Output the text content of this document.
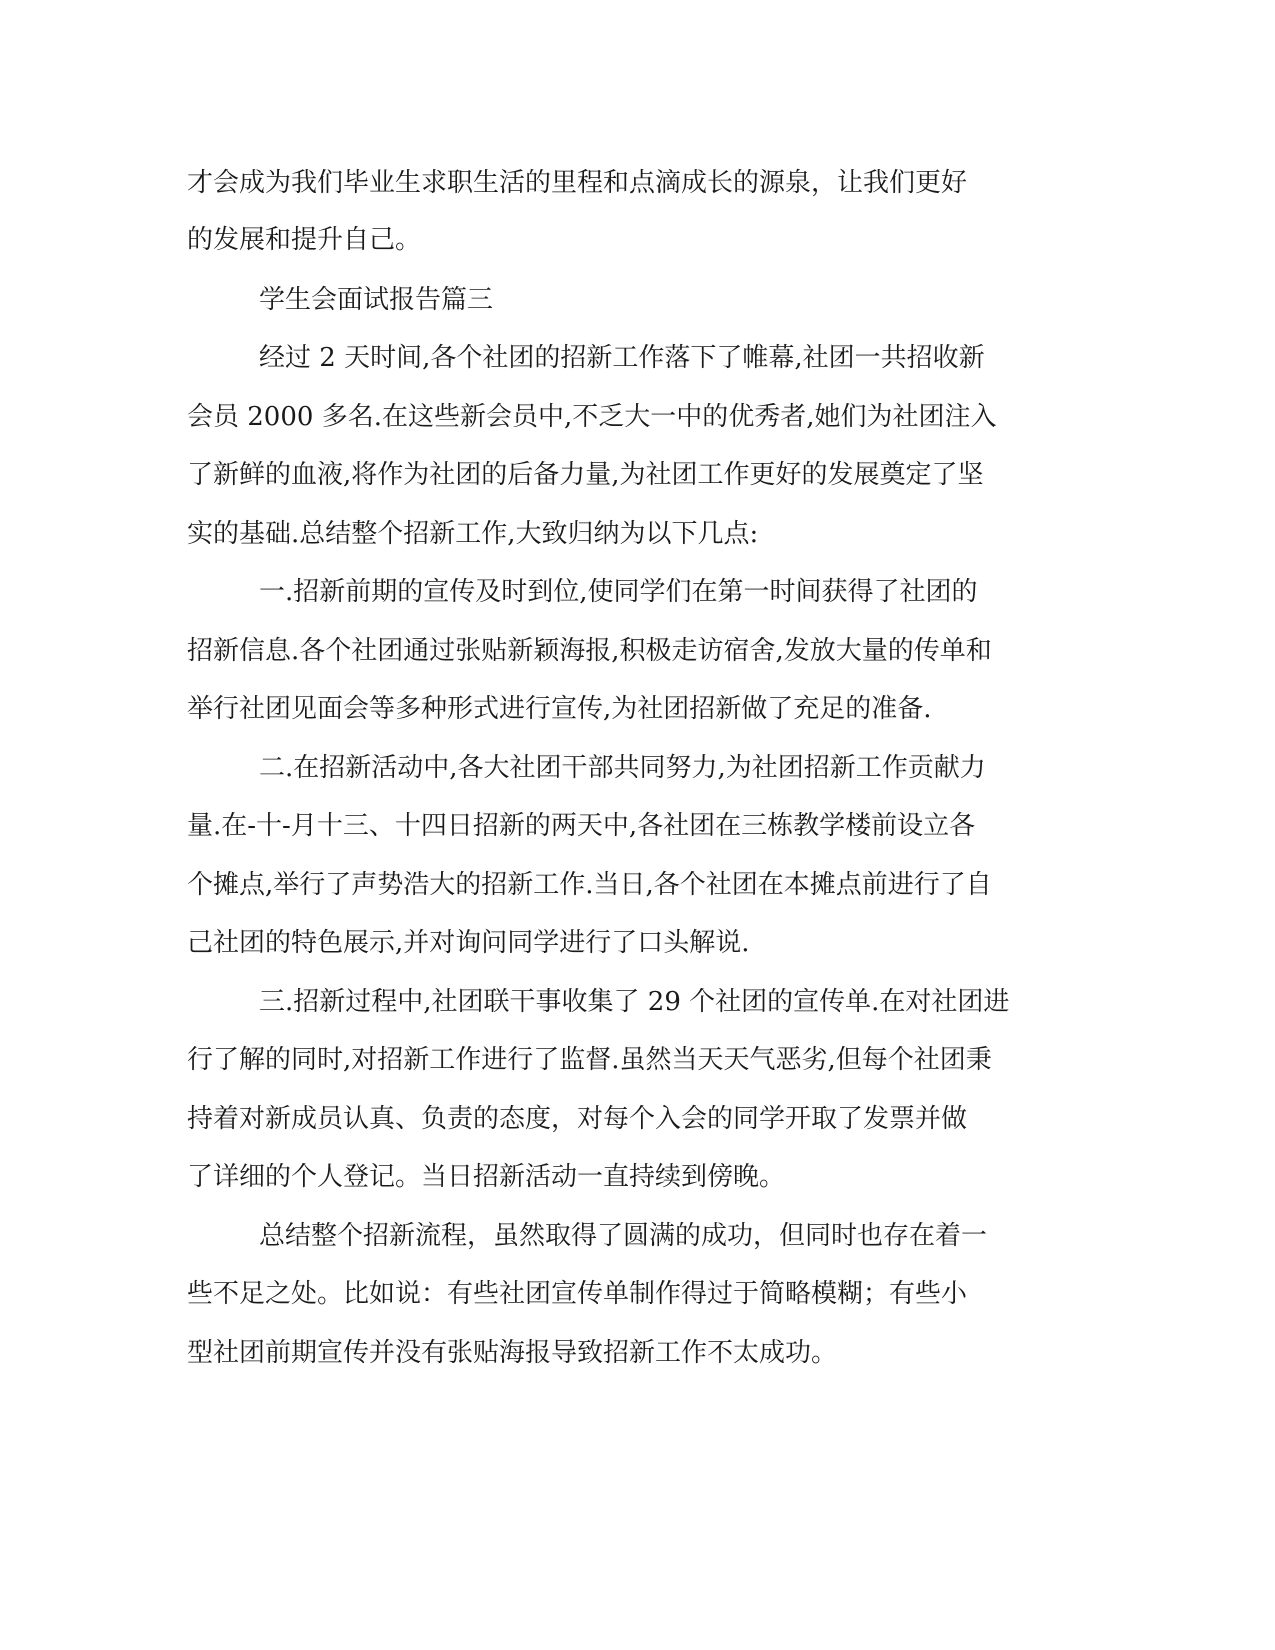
才会成为我们毕业生求职生活的里程和点滴成长的源泉，让我们更好

的发展和提升自己。

学生会面试报告篇三

经过 2 天时间,各个社团的招新工作落下了帷幕,社团一共招收新

会员 2000 多名.在这些新会员中,不乏大一中的优秀者,她们为社团注入

了新鲜的血液,将作为社团的后备力量,为社团工作更好的发展奠定了坚

实的基础.总结整个招新工作,大致归纳为以下几点:

一.招新前期的宣传及时到位,使同学们在第一时间获得了社团的

招新信息.各个社团通过张贴新颖海报,积极走访宿舍,发放大量的传单和

举行社团见面会等多种形式进行宣传,为社团招新做了充足的准备.

二.在招新活动中,各大社团干部共同努力,为社团招新工作贡献力

量.在-十-月十三、十四日招新的两天中,各社团在三栋教学楼前设立各

个摊点,举行了声势浩大的招新工作.当日,各个社团在本摊点前进行了自

己社团的特色展示,并对询问同学进行了口头解说.

三.招新过程中,社团联干事收集了 29 个社团的宣传单.在对社团进

行了解的同时,对招新工作进行了监督.虽然当天天气恶劣,但每个社团秉

持着对新成员认真、负责的态度，对每个入会的同学开取了发票并做

了详细的个人登记。当日招新活动一直持续到傍晚。

总结整个招新流程，虽然取得了圆满的成功，但同时也存在着一

些不足之处。比如说：有些社团宣传单制作得过于简略模糊；有些小

型社团前期宣传并没有张贴海报导致招新工作不太成功。
